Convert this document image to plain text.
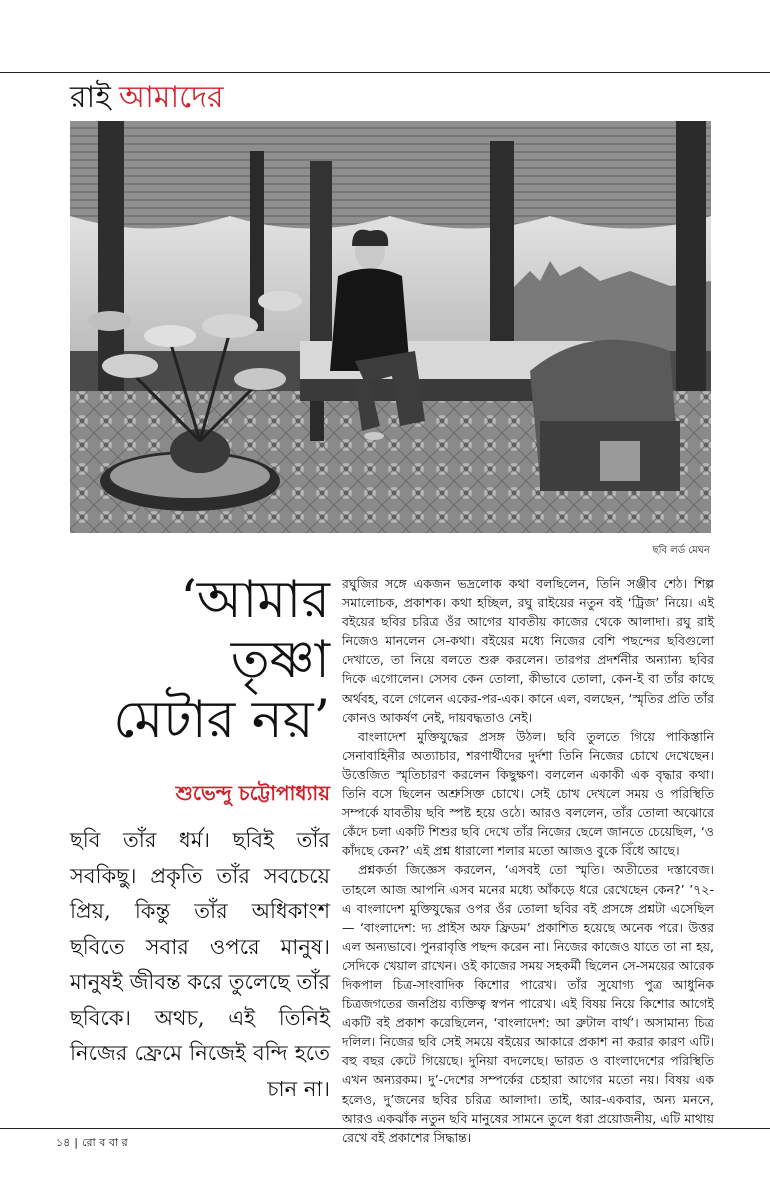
রাই আমাদের
ছবি লর্ড মেঘন
‘আমার
তৃষ্ণা
মেটার নয়’
শুভেন্দু চট্টোপাধ্যায়
ছবি তাঁর ধর্ম। ছবিই তাঁর সবকিছু। প্রকৃতি তাঁর সবচেয়ে প্রিয়, কিন্তু তাঁর অধিকাংশ ছবিতে সবার ওপরে মানুষ। মানুষই জীবন্ত করে তুলেছে তাঁর ছবিকে। অথচ, এই তিনিই নিজের ফ্রেমে নিজেই বন্দি হতে চান না।

রঘুজির সঙ্গে একজন ভদ্রলোক কথা বলছিলেন, তিনি সঞ্জীব শেঠ। শিল্প সমালোচক, প্রকাশক। কথা হচ্ছিল, রঘু রাইয়ের নতুন বই ‘ট্রিজ’ নিয়ে। এই বইয়ের ছবির চরিত্র ওঁর আগের যাবতীয় কাজের থেকে আলাদা। রঘু রাই নিজেও মানলেন সে-কথা। বইয়ের মধ্যে নিজের বেশি পছন্দের ছবিগুলো দেখাতে, তা নিয়ে বলতে শুরু করলেন। তারপর প্রদর্শনীর অন্যান্য ছবির দিকে এগোলেন। সেসব কেন তোলা, কীভাবে তোলা, কেন-ই বা তাঁর কাছে অর্থবহ, বলে গেলেন একের-পর-এক। কানে এল, বলছেন, ‘স্মৃতির প্রতি তাঁর কোনও আকর্ষণ নেই, দায়বদ্ধতাও নেই।

বাংলাদেশ মুক্তিযুদ্ধের প্রসঙ্গ উঠল। ছবি তুলতে গিয়ে পাকিস্তানি সেনাবাহিনীর অত্যাচার, শরণার্থীদের দুর্দশা তিনি নিজের চোখে দেখেছেন। উত্তেজিত স্মৃতিচারণ করলেন কিছুক্ষণ। বললেন একাকী এক বৃদ্ধার কথা। তিনি বসে ছিলেন অশ্রুসিক্ত চোখে। সেই চোখ দেখলে সময় ও পরিস্থিতি সম্পর্কে যাবতীয় ছবি স্পষ্ট হয়ে ওঠে। আরও বললেন, তাঁর তোলা অঝোরে কেঁদে চলা একটি শিশুর ছবি দেখে তাঁর নিজের ছেলে জানতে চেয়েছিল, ‘ও কাঁদছে কেন?’ এই প্রশ্ন ধারালো শলার মতো আজও বুকে বিঁধে আছে।

প্রশ্নকর্তা জিজ্ঞেস করলেন, ‘এসবই তো স্মৃতি। অতীতের দস্তাবেজ। তাহলে আজ আপনি এসব মনের মধ্যে আঁকড়ে ধরে রেখেছেন কেন?’ ’৭২-এ বাংলাদেশ মুক্তিযুদ্ধের ওপর ওঁর তোলা ছবির বই প্রসঙ্গে প্রশ্নটা এসেছিল— ‘বাংলাদেশ: দ্য প্রাইস অফ ফ্রিডম’ প্রকাশিত হয়েছে অনেক পরে। উত্তর এল অন্যভাবে। পুনরাবৃত্তি পছন্দ করেন না। নিজের কাজেও যাতে তা না হয়, সেদিকে খেয়াল রাখেন। ওই কাজের সময় সহকর্মী ছিলেন সে-সময়ের আরেক দিকপাল চিত্র-সাংবাদিক কিশোর পারেখ। তাঁর সুযোগ্য পুত্র আধুনিক চিত্রজগতের জনপ্রিয় ব্যক্তিত্ব স্বপন পারেখ। এই বিষয় নিয়ে কিশোর আগেই একটি বই প্রকাশ করেছিলেন, ‘বাংলাদেশ: আ ব্রুটাল বার্থ’। অসামান্য চিত্র দলিল। নিজের ছবি সেই সময়ে বইয়ের আকারে প্রকাশ না করার কারণ এটি। বহু বছর কেটে গিয়েছে। দুনিয়া বদলেছে। ভারত ও বাংলাদেশের পরিস্থিতি এখন অন্যরকম। দু’-দেশের সম্পর্কের চেহারা আগের মতো নয়। বিষয় এক হলেও, দু’জনের ছবির চরিত্র আলাদা। তাই, আর-একবার, অন্য মননে, আরও একঝাঁক নতুন ছবি মানুষের সামনে তুলে ধরা প্রয়োজনীয়, এটি মাথায় রেখে বই প্রকাশের সিদ্ধান্ত।

১৪ | রো ব বা র
